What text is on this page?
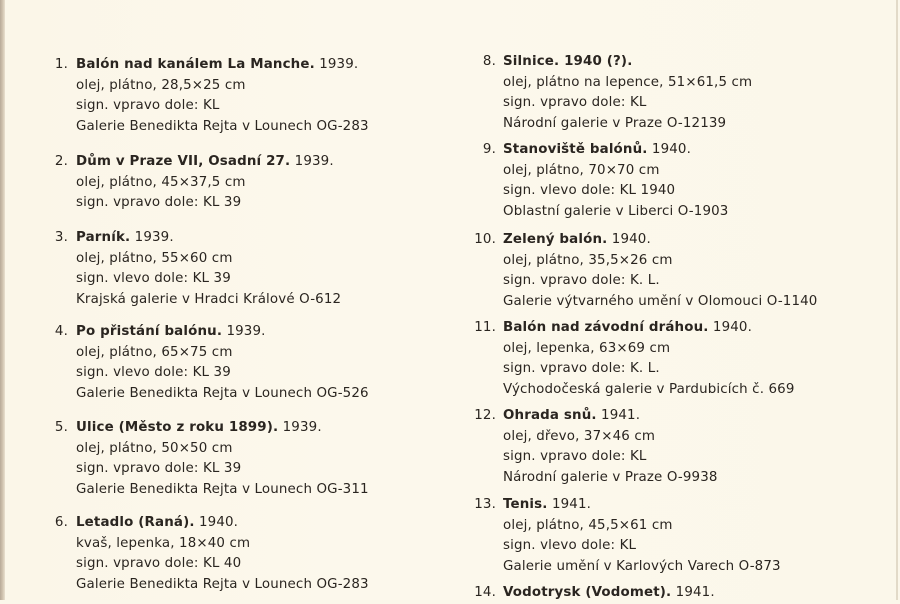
1. Balón nad kanálem La Manche. 1939.
olej, plátno, 28,5×25 cm
sign. vpravo dole: KL
Galerie Benedikta Rejta v Lounech OG-283
2. Dům v Praze VII, Osadní 27. 1939.
olej, plátno, 45×37,5 cm
sign. vpravo dole: KL 39
3. Parník. 1939.
olej, plátno, 55×60 cm
sign. vlevo dole: KL 39
Krajská galerie v Hradci Králové O-612
4. Po přistání balónu. 1939.
olej, plátno, 65×75 cm
sign. vlevo dole: KL 39
Galerie Benedikta Rejta v Lounech OG-526
5. Ulice (Město z roku 1899). 1939.
olej, plátno, 50×50 cm
sign. vpravo dole: KL 39
Galerie Benedikta Rejta v Lounech OG-311
6. Letadlo (Raná). 1940.
kvaš, lepenka, 18×40 cm
sign. vpravo dole: KL 40
Galerie Benedikta Rejta v Lounech OG-283
8. Silnice. 1940 (?).
olej, plátno na lepence, 51×61,5 cm
sign. vpravo dole: KL
Národní galerie v Praze O-12139
9. Stanoviště balónů. 1940.
olej, plátno, 70×70 cm
sign. vlevo dole: KL 1940
Oblastní galerie v Liberci O-1903
10. Zelený balón. 1940.
olej, plátno, 35,5×26 cm
sign. vpravo dole: K. L.
Galerie výtvarného umění v Olomouci O-1140
11. Balón nad závodní dráhou. 1940.
olej, lepenka, 63×69 cm
sign. vpravo dole: K. L.
Východočeská galerie v Pardubicích č. 669
12. Ohrada snů. 1941.
olej, dřevo, 37×46 cm
sign. vpravo dole: KL
Národní galerie v Praze O-9938
13. Tenis. 1941.
olej, plátno, 45,5×61 cm
sign. vlevo dole: KL
Galerie umění v Karlových Varech O-873
14. Vodotrysk (Vodomet). 1941.
